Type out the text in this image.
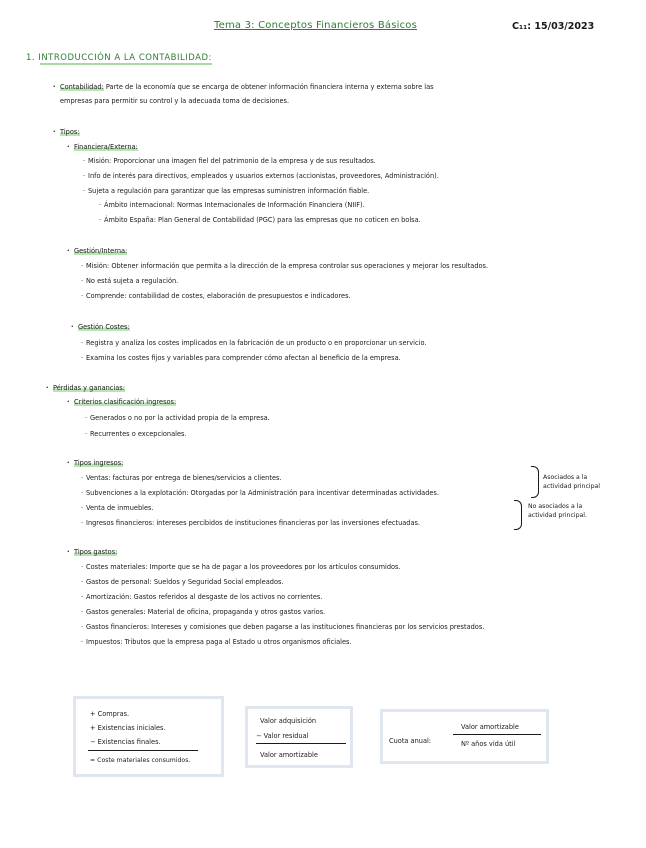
Tema 3: Conceptos Financieros Básicos	C₁₁: 15/03/2023
1. INTRODUCCIÓN A LA CONTABILIDAD:
· Contabilidad: Parte de la economía que se encarga de obtener información financiera interna y externa sobre las
empresas para permitir su control y la adecuada toma de decisiones.
· Tipos:
· Financiera/Externa:
· Misión: Proporcionar una imagen fiel del patrimonio de la empresa y de sus resultados.
· Info de interés para directivos, empleados y usuarios externos (accionistas, proveedores, Administración).
· Sujeta a regulación para garantizar que las empresas suministren información fiable.
· Ámbito internacional: Normas Internacionales de Información Financiera (NIIF).
· Ámbito España: Plan General de Contabilidad (PGC) para las empresas que no coticen en bolsa.
· Gestión/Interna:
· Misión: Obtener información que permita a la dirección de la empresa controlar sus operaciones y mejorar los resultados.
· No está sujeta a regulación.
· Comprende: contabilidad de costes, elaboración de presupuestos e indicadores.
· Gestión Costes:
· Registra y analiza los costes implicados en la fabricación de un producto o en proporcionar un servicio.
· Examina los costes fijos y variables para comprender cómo afectan al beneficio de la empresa.
· Pérdidas y ganancias:
· Criterios clasificación ingresos:
· Generados o no por la actividad propia de la empresa.
· Recurrentes o excepcionales.
· Tipos ingresos:
· Ventas: facturas por entrega de bienes/servicios a clientes.
· Subvenciones a la explotación: Otorgadas por la Administración para incentivar determinadas actividades.
· Venta de inmuebles.
· Ingresos financieros: intereses percibidos de instituciones financieras por las inversiones efectuadas.
Asociados a la
actividad principal
No asociados a la
actividad principal.
· Tipos gastos:
· Costes materiales: Importe que se ha de pagar a los proveedores por los artículos consumidos.
· Gastos de personal: Sueldos y Seguridad Social empleados.
· Amortización: Gastos referidos al desgaste de los activos no corrientes.
· Gastos generales: Material de oficina, propaganda y otros gastos varios.
· Gastos financieros: Intereses y comisiones que deben pagarse a las instituciones financieras por los servicios prestados.
· Impuestos: Tributos que la empresa paga al Estado u otros organismos oficiales.
+ Compras.
+ Existencias iniciales.
− Existencias finales.
= Coste materiales consumidos.
Valor adquisición
− Valor residual
Valor amortizable
Cuota anual:
Valor amortizable
Nº años vida útil
